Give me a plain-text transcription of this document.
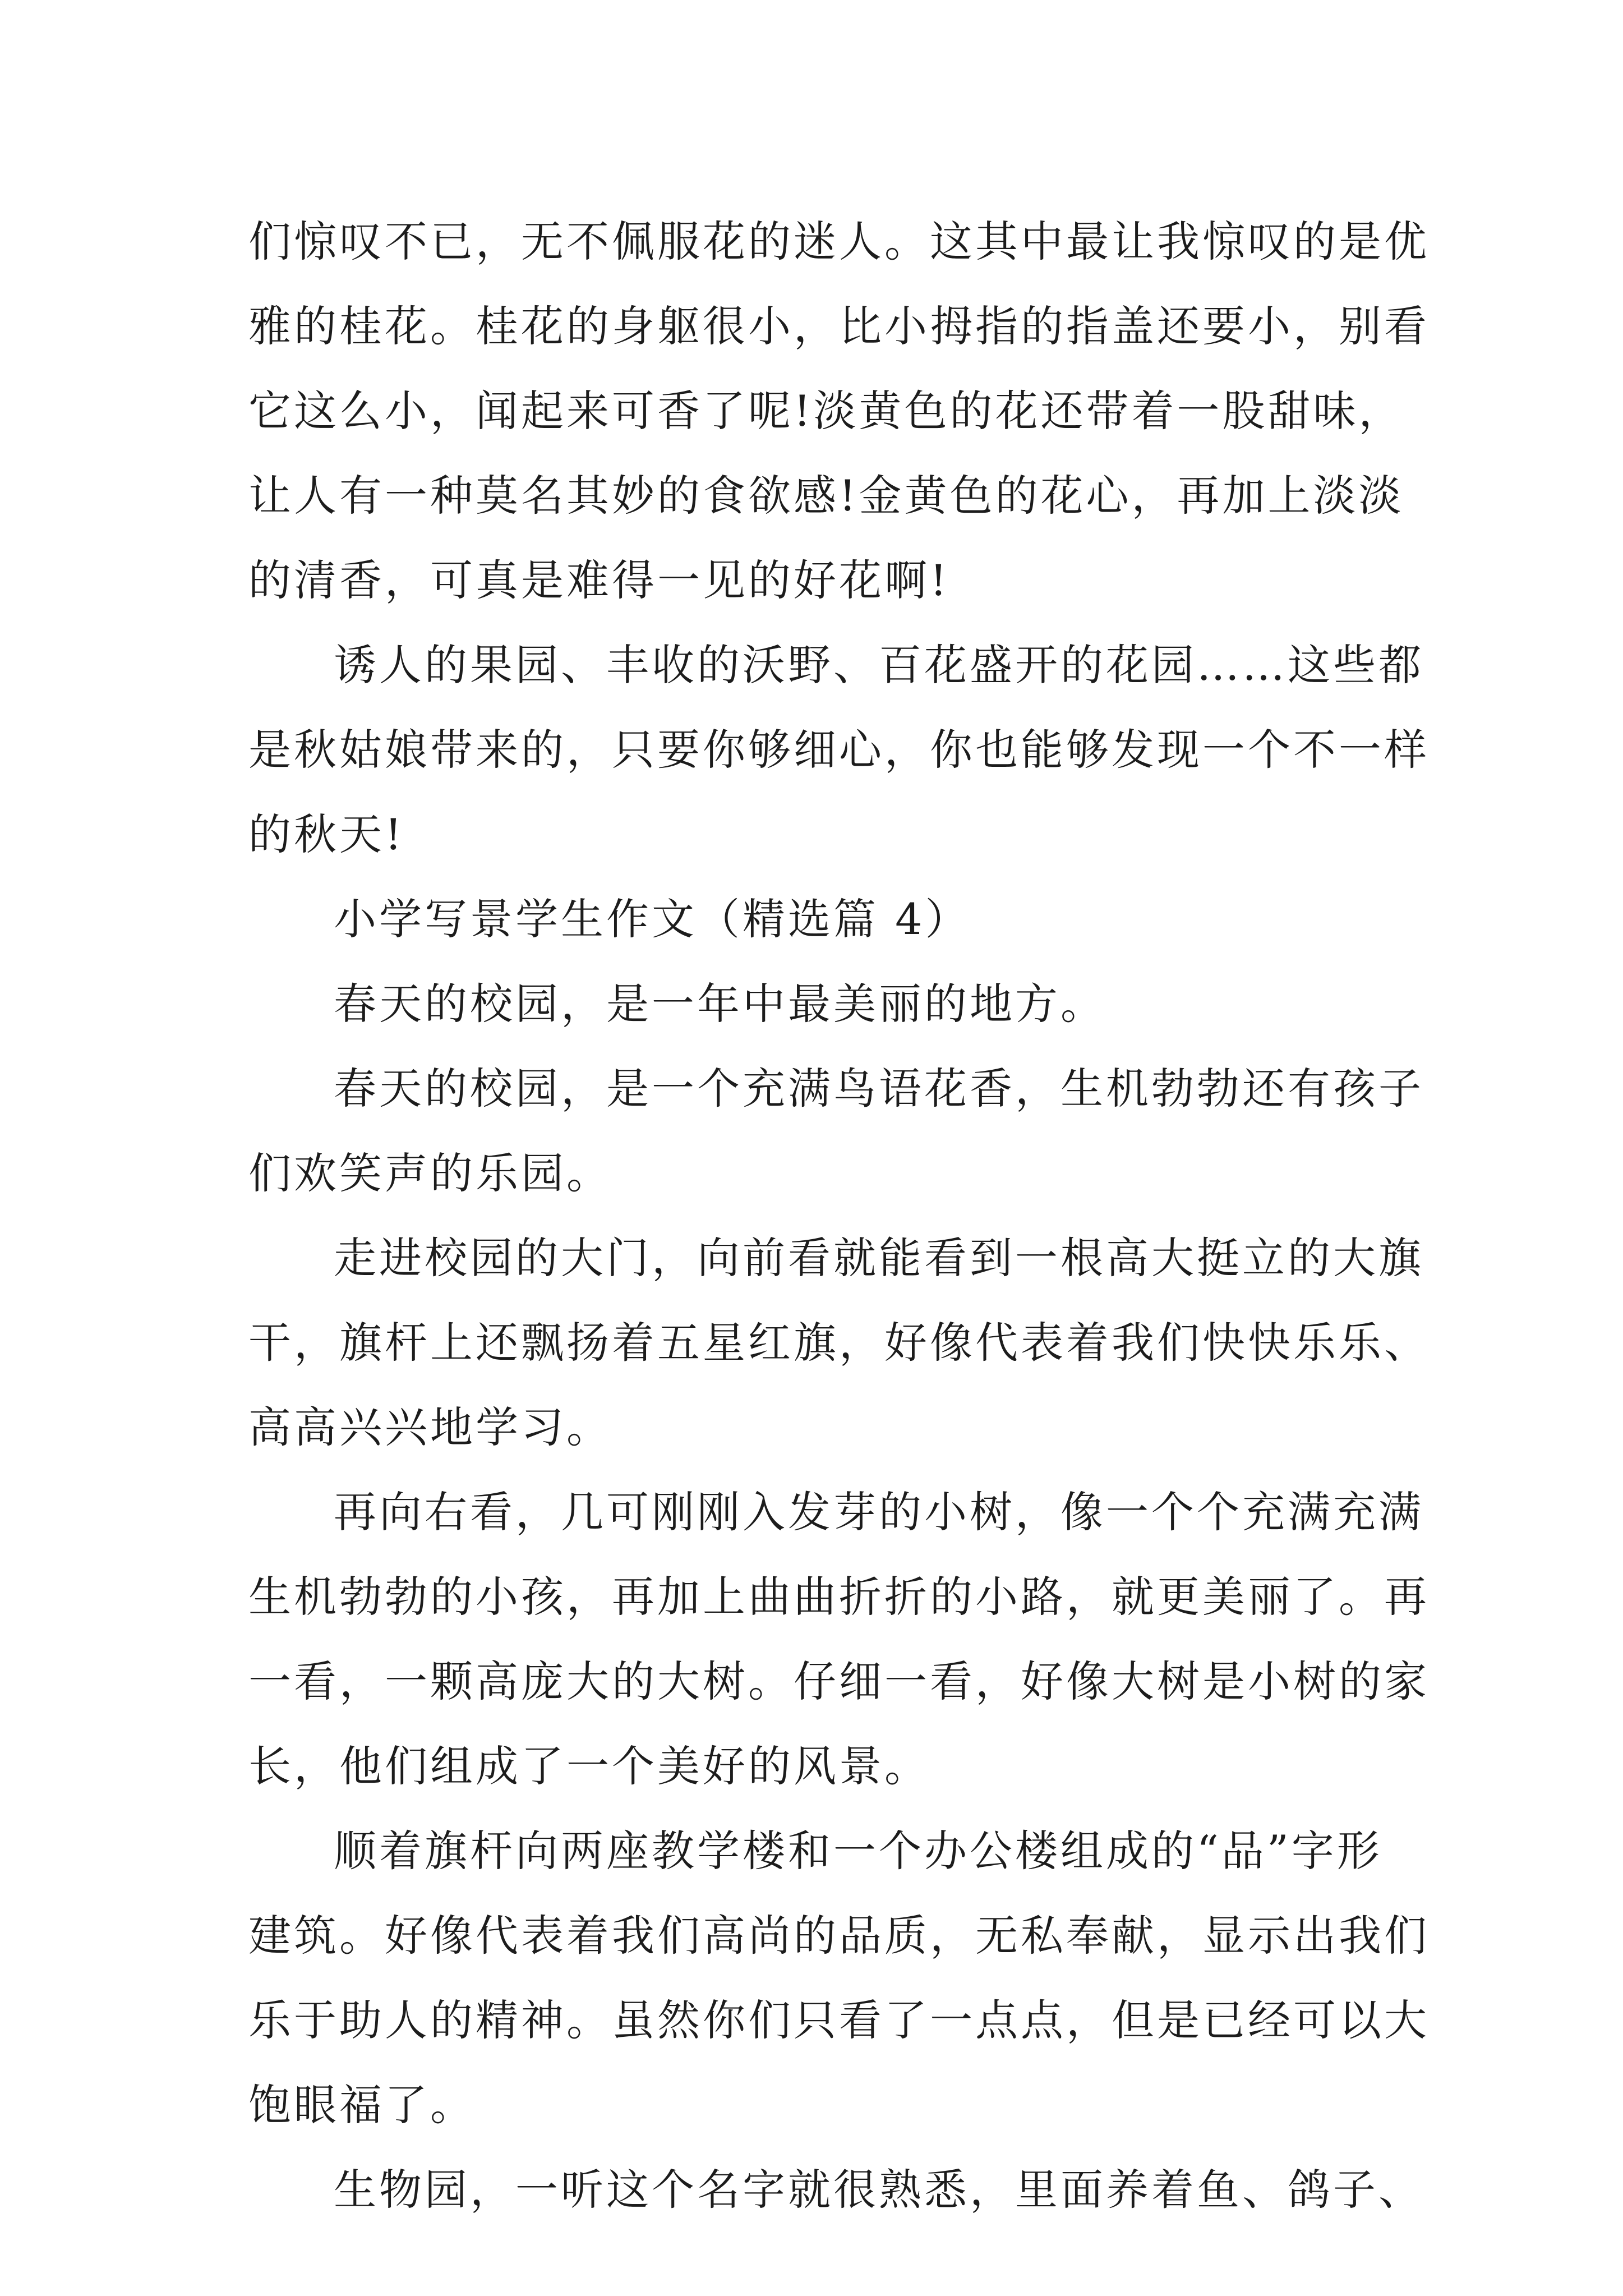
们惊叹不已，无不佩服花的迷人。这其中最让我惊叹的是优
雅的桂花。桂花的身躯很小，比小拇指的指盖还要小，别看
它这么小，闻起来可香了呢!淡黄色的花还带着一股甜味，
让人有一种莫名其妙的食欲感!金黄色的花心，再加上淡淡
的清香，可真是难得一见的好花啊!
诱人的果园、丰收的沃野、百花盛开的花园……这些都
是秋姑娘带来的，只要你够细心，你也能够发现一个不一样
的秋天!
小学写景学生作文（精选篇 4）
春天的校园，是一年中最美丽的地方。
春天的校园，是一个充满鸟语花香，生机勃勃还有孩子
们欢笑声的乐园。
走进校园的大门，向前看就能看到一根高大挺立的大旗
干，旗杆上还飘扬着五星红旗，好像代表着我们快快乐乐、
高高兴兴地学习。
再向右看，几可刚刚入发芽的小树，像一个个充满充满
生机勃勃的小孩，再加上曲曲折折的小路，就更美丽了。再
一看，一颗高庞大的大树。仔细一看，好像大树是小树的家
长，他们组成了一个美好的风景。
顺着旗杆向两座教学楼和一个办公楼组成的“品”字形
建筑。好像代表着我们高尚的品质，无私奉献，显示出我们
乐于助人的精神。虽然你们只看了一点点，但是已经可以大
饱眼福了。
生物园，一听这个名字就很熟悉，里面养着鱼、鸽子、
